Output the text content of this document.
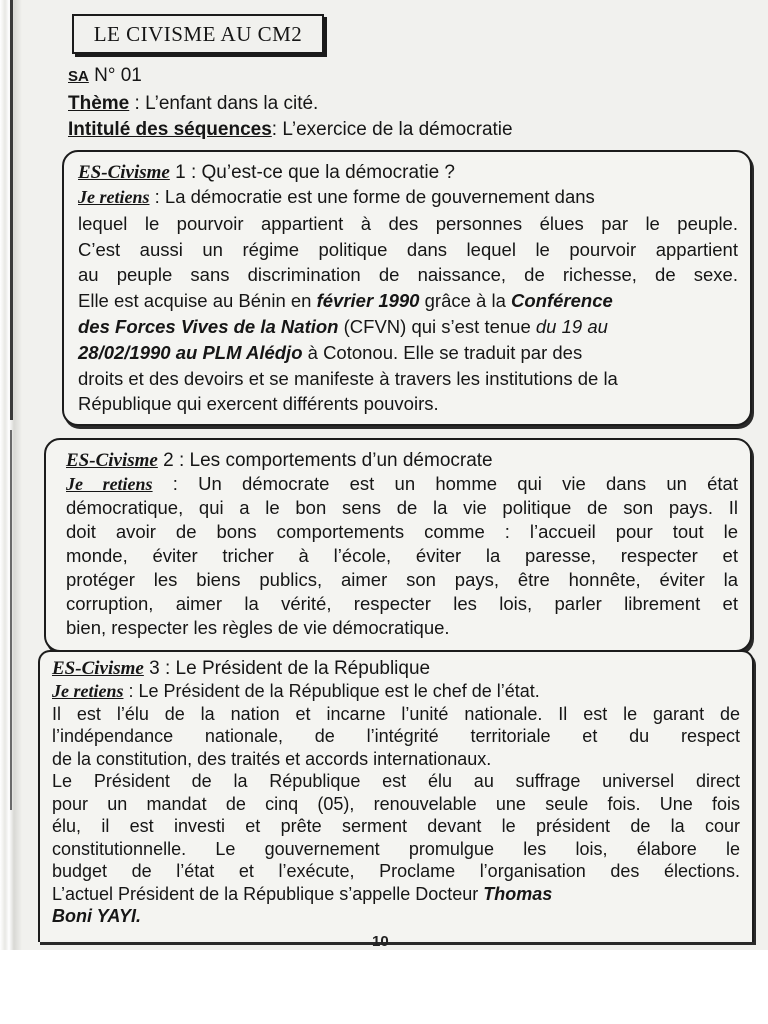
LE CIVISME AU CM2
SA N° 01
Thème : L’enfant dans la cité.
Intitulé des séquences: L’exercice de la démocratie
ES-Civisme 1 : Qu’est-ce que la démocratie ?
Je retiens : La démocratie est une forme de gouvernement dans
lequel le pourvoir appartient à des personnes élues par le peuple.
C’est aussi un régime politique dans lequel le pourvoir appartient
au peuple sans discrimination de naissance, de richesse, de sexe.
Elle est acquise au Bénin en février 1990 grâce à la Conférence
des Forces Vives de la Nation (CFVN) qui s’est tenue du 19 au
28/02/1990 au PLM Alédjo à Cotonou. Elle se traduit par des
droits et des devoirs et se manifeste à travers les institutions de la
République qui exercent différents pouvoirs.
ES-Civisme 2 : Les comportements d’un démocrate
Je retiens : Un démocrate est un homme qui vie dans un état
démocratique, qui a le bon sens de la vie politique de son pays. Il
doit avoir de bons comportements comme : l’accueil pour tout le
monde, éviter tricher à l’école, éviter la paresse, respecter et
protéger les biens publics, aimer son pays, être honnête, éviter la
corruption, aimer la vérité, respecter les lois, parler librement et
bien, respecter les règles de vie démocratique.
ES-Civisme 3 : Le Président de la République
Je retiens : Le Président de la République est le chef de l’état.
Il est l’élu de la nation et incarne l’unité nationale. Il est le garant de
l’indépendance nationale, de l’intégrité territoriale et du respect
de la constitution, des traités et accords internationaux.
Le Président de la République est élu au suffrage universel direct
pour un mandat de cinq (05), renouvelable une seule fois. Une fois
élu, il est investi et prête serment devant le président de la cour
constitutionnelle. Le gouvernement promulgue les lois, élabore le
budget de l’état et l’exécute, Proclame l’organisation des élections.
L’actuel Président de la République s’appelle Docteur Thomas
Boni YAYI.
10
